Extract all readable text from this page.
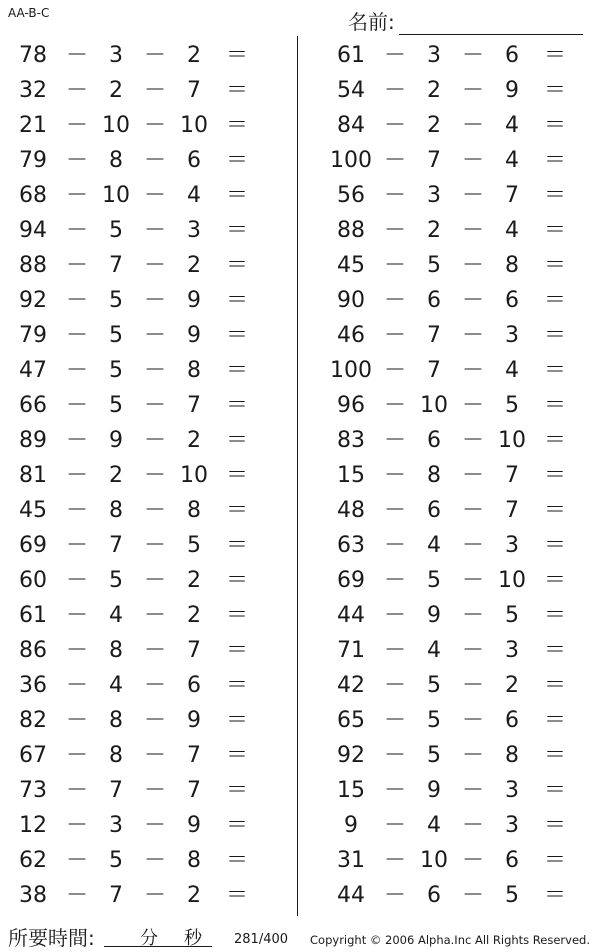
AA-B-C	名前:
78 － 3 － 2	＝
32 － 2 － 7	＝
21 － 10 － 10 ＝
79 － 8 － 6	＝
68 － 10 － 4	＝
94 － 5 － 3	＝
88 － 7 － 2	＝
92 － 5 － 9	＝
79 － 5 － 9	＝
47 － 5 － 8	＝
66 － 5 － 7	＝
89 － 9 － 2	＝
81 － 2 － 10 ＝
45 － 8 － 8	＝
69 － 7 － 5	＝
60 － 5 － 2	＝
61 － 4 － 2	＝
86 － 8 － 7	＝
36 － 4 － 6	＝
82 － 8 － 9	＝
67 － 8 － 7	＝
73 － 7 － 7	＝
12 － 3 － 9	＝
62 － 5 － 8	＝
38 － 7 － 2	＝
61 － 3 － 6	＝
54 － 2 － 9	＝
84 － 2 － 4	＝
100 － 7 － 4	＝
56 － 3 － 7	＝
88 － 2 － 4	＝
45 － 5 － 8	＝
90 － 6 － 6	＝
46 － 7 － 3	＝
100 － 7 － 4	＝
96 － 10 － 5	＝
83 － 6 － 10 ＝
15 － 8 － 7	＝
48 － 6 － 7	＝
63 － 4 － 3	＝
69 － 5 － 10 ＝
44 － 9 － 5	＝
71 － 4 － 3	＝
42 － 5 － 2	＝
65 － 5 － 6	＝
92 － 5 － 8	＝
15 － 9 － 3	＝
9	－ 4 － 3	＝
31 － 10 － 6	＝
44 － 6 － 5	＝
所要時間:	分 秒 281/400 Copyright © 2006 Alpha.Inc All Rights Reserved.
